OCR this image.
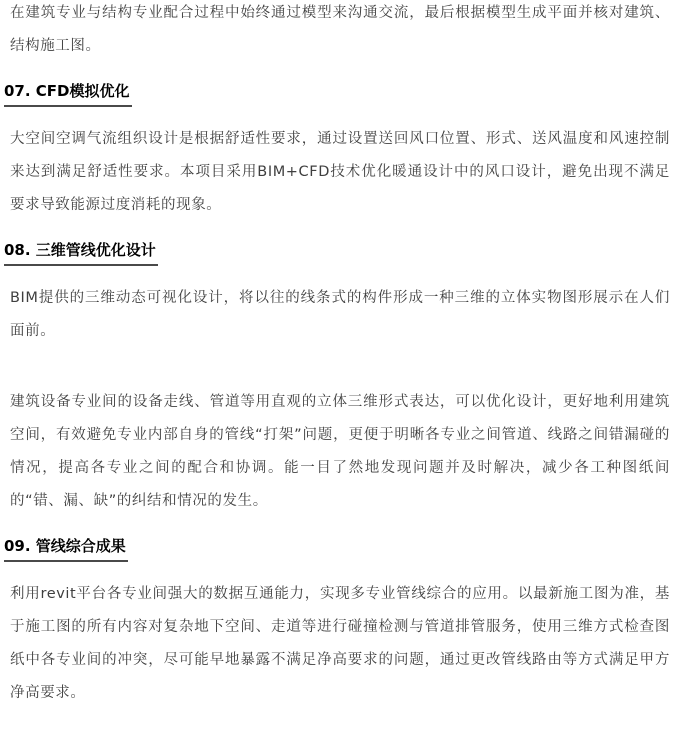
在建筑专业与结构专业配合过程中始终通过模型来沟通交流，最后根据模型生成平面并核对建筑、结构施工图。

07. CFD模拟优化

大空间空调气流组织设计是根据舒适性要求，通过设置送回风口位置、形式、送风温度和风速控制来达到满足舒适性要求。本项目采用BIM+CFD技术优化暖通设计中的风口设计，避免出现不满足要求导致能源过度消耗的现象。

08. 三维管线优化设计

BIM提供的三维动态可视化设计，将以往的线条式的构件形成一种三维的立体实物图形展示在人们面前。

建筑设备专业间的设备走线、管道等用直观的立体三维形式表达，可以优化设计，更好地利用建筑空间，有效避免专业内部自身的管线“打架”问题，更便于明晰各专业之间管道、线路之间错漏碰的情况，提高各专业之间的配合和协调。能一目了然地发现问题并及时解决，减少各工种图纸间的“错、漏、缺”的纠结和情况的发生。

09. 管线综合成果

利用revit平台各专业间强大的数据互通能力，实现多专业管线综合的应用。以最新施工图为准，基于施工图的所有内容对复杂地下空间、走道等进行碰撞检测与管道排管服务，使用三维方式检查图纸中各专业间的冲突，尽可能早地暴露不满足净高要求的问题，通过更改管线路由等方式满足甲方净高要求。
